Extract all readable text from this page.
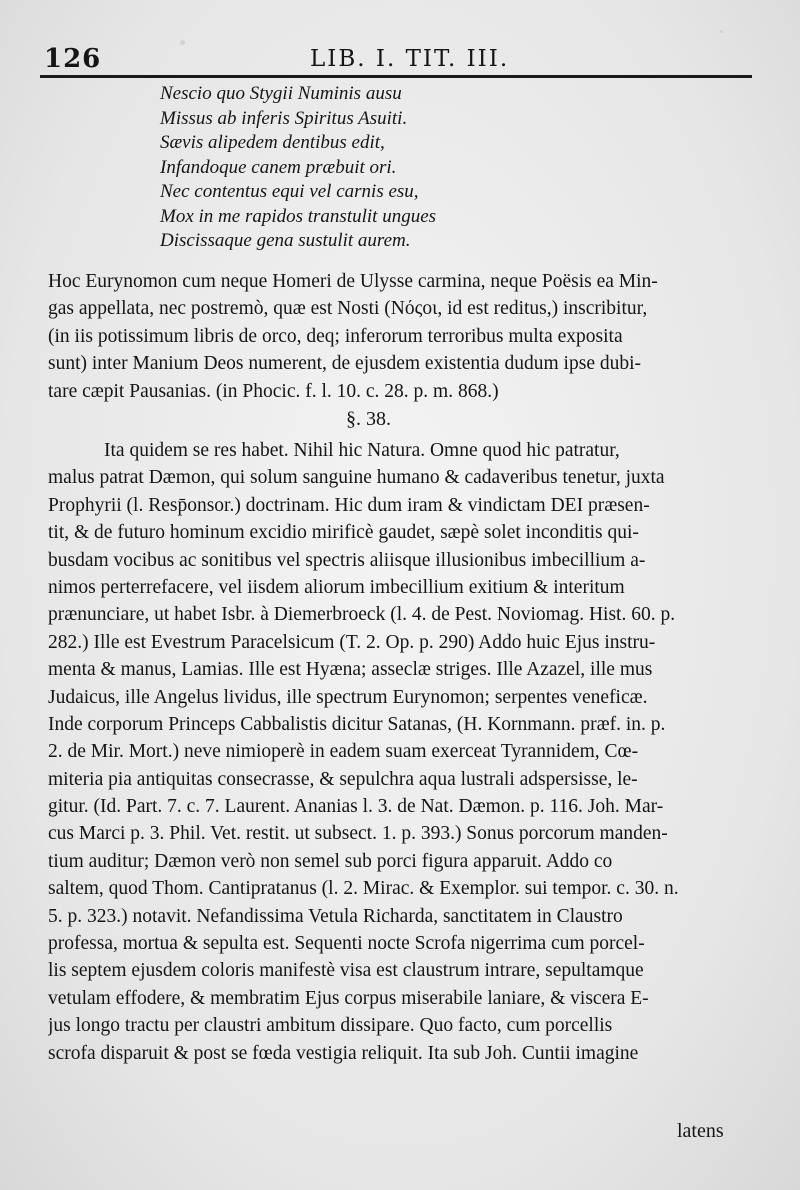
126	LIB. I. TIT. III.
Nescio quo Stygii Numinis ausu
Missus ab inferis Spiritus Asuiti.
Sævis alipedem dentibus edit,
Infandoque canem præbuit ori.
Nec contentus equi vel carnis esu,
Mox in me rapidos transtulit ungues
Discissaque gena sustulit aurem.
Hoc Eurynomon cum neque Homeri de Ulysse carmina, neque Poësis ea Min-
gas appellata, nec postremò, quæ est Nosti (Νόςοι, id est reditus,) inscribitur,
(in iis potissimum libris de orco, deq; inferorum terroribus multa exposita
sunt) inter Manium Deos numerent, de ejusdem existentia dudum ipse dubi-
tare cæpit Pausanias. (in Phocic. f. l. 10. c. 28. p. m. 868.)
§. 38.
Ita quidem se res habet. Nihil hic Natura. Omne quod hic patratur,
malus patrat Dæmon, qui solum sanguine humano & cadaveribus tenetur, juxta
Prophyrii (l. Resp̄onsor.) doctrinam. Hic dum iram & vindictam DEI præsen-
tit, & de futuro hominum excidio mirificè gaudet, sæpè solet inconditis qui-
busdam vocibus ac sonitibus vel spectris aliisque illusionibus imbecillium a-
nimos perterrefacere, vel iisdem aliorum imbecillium exitium & interitum
prænunciare, ut habet Isbr. à Diemerbroeck (l. 4. de Pest. Noviomag. Hist. 60. p.
282.) Ille est Evestrum Paracelsicum (T. 2. Op. p. 290) Addo huic Ejus instru-
menta & manus, Lamias. Ille est Hyæna; asseclæ striges. Ille Azazel, ille mus
Judaicus, ille Angelus lividus, ille spectrum Eurynomon; serpentes veneficæ.
Inde corporum Princeps Cabbalistis dicitur Satanas, (H. Kornmann. præf. in. p.
2. de Mir. Mort.) neve nimioperè in eadem suam exerceat Tyrannidem, Cœ-
miteria pia antiquitas consecrasse, & sepulchra aqua lustrali adspersisse, le-
gitur. (Id. Part. 7. c. 7. Laurent. Ananias l. 3. de Nat. Dæmon. p. 116. Joh. Mar-
cus Marci p. 3. Phil. Vet. restit. ut subsect. 1. p. 393.) Sonus porcorum manden-
tium auditur; Dæmon verò non semel sub porci figura apparuit. Addo co
saltem, quod Thom. Cantipratanus (l. 2. Mirac. & Exemplor. sui tempor. c. 30. n.
5. p. 323.) notavit. Nefandissima Vetula Richarda, sanctitatem in Claustro
professa, mortua & sepulta est. Sequenti nocte Scrofa nigerrima cum porcel-
lis septem ejusdem coloris manifestè visa est claustrum intrare, sepultamque
vetulam effodere, & membratim Ejus corpus miserabile laniare, & viscera E-
jus longo tractu per claustri ambitum dissipare. Quo facto, cum porcellis
scrofa disparuit & post se fœda vestigia reliquit. Ita sub Joh. Cuntii imagine
latens
